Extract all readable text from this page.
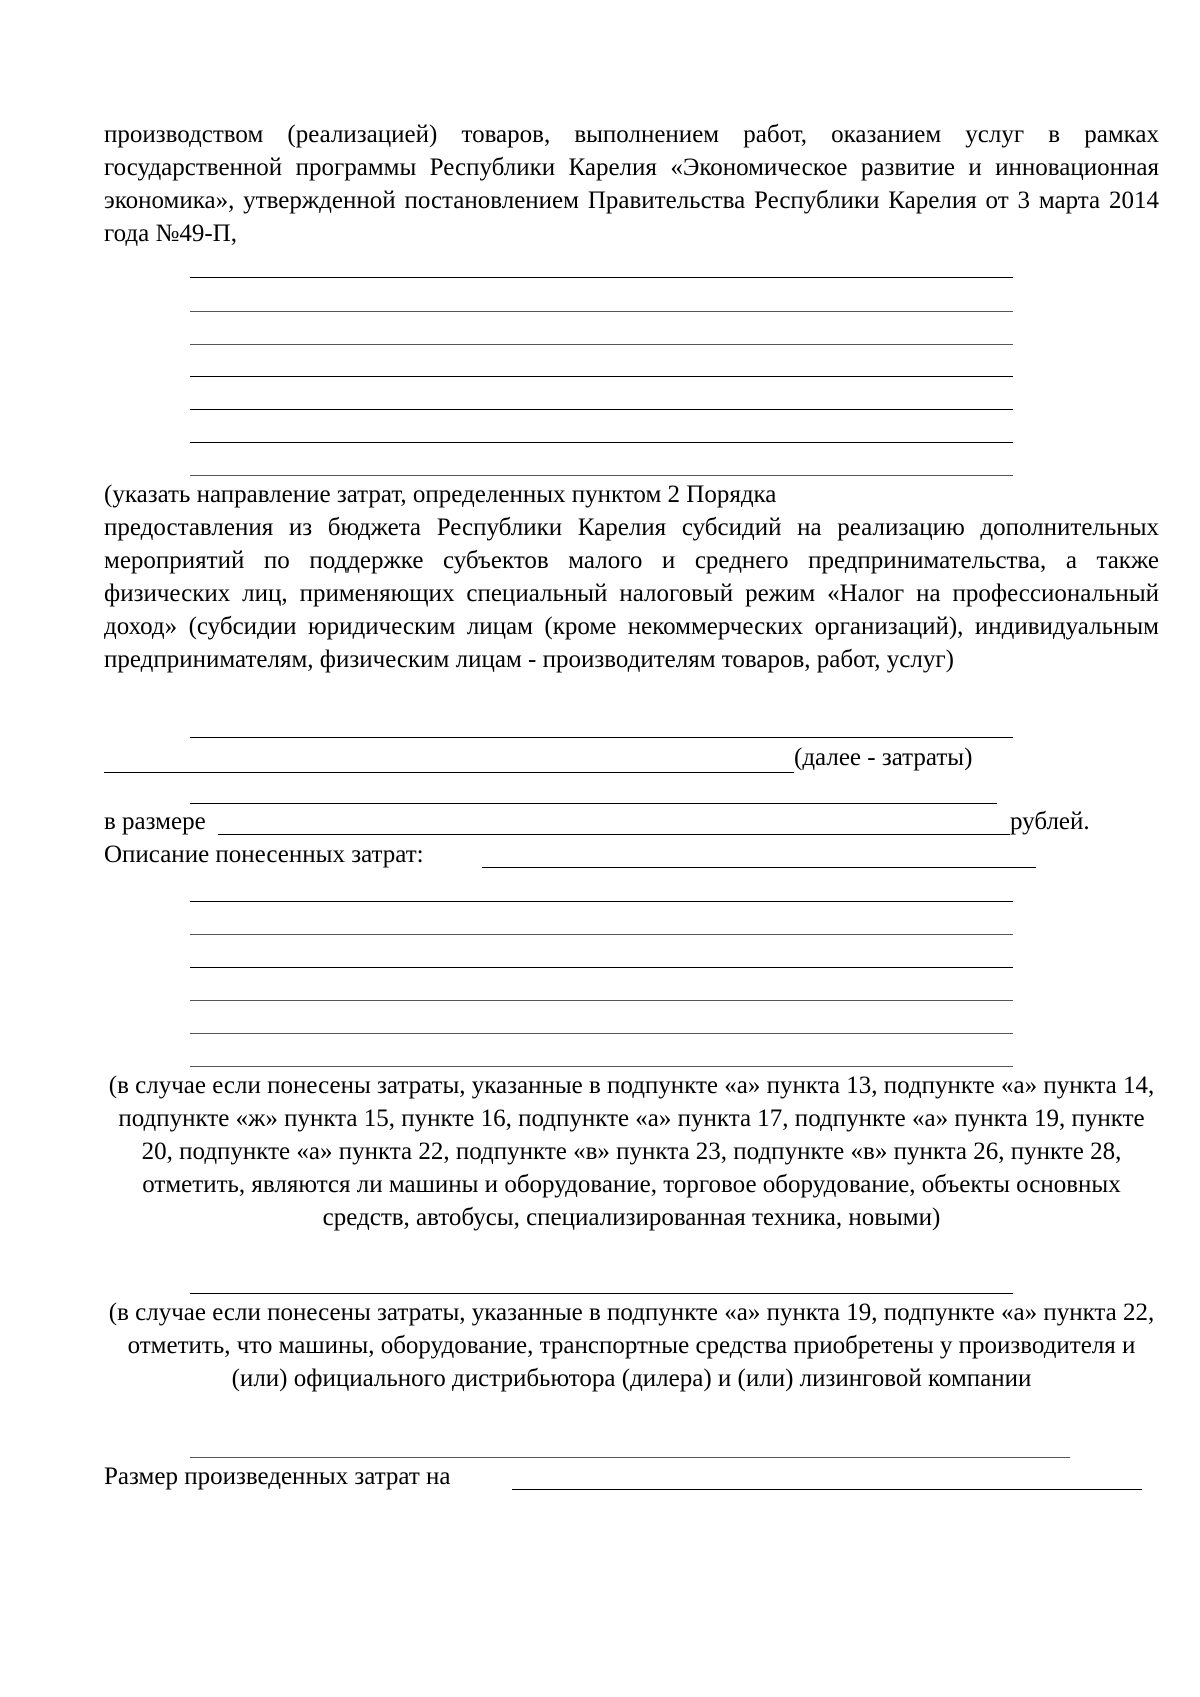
производством (реализацией) товаров, выполнением работ, оказанием услуг в рамках государственной программы Республики Карелия «Экономическое развитие и инновационная экономика», утвержденной постановлением Правительства Республики Карелия от 3 марта 2014 года №49-П,

(указать направление затрат, определенных пунктом 2 Порядка

предоставления из бюджета Республики Карелия субсидий на реализацию дополнительных мероприятий по поддержке субъектов малого и среднего предпринимательства, а также физических лиц, применяющих специальный налоговый режим «Налог на профессиональный доход» (субсидии юридическим лицам (кроме некоммерческих организаций), индивидуальным предпринимателям, физическим лицам - производителям товаров, работ, услуг)

(далее - затраты)

в размере	рублей.

Описание понесенных затрат:

(в случае если понесены затраты, указанные в подпункте «а» пункта 13, подпункте «а» пункта 14, подпункте «ж» пункта 15, пункте 16, подпункте «а» пункта 17, подпункте «а» пункта 19, пункте 20, подпункте «а» пункта 22, подпункте «в» пункта 23, подпункте «в» пункта 26, пункте 28, отметить, являются ли машины и оборудование, торговое оборудование, объекты основных средств, автобусы, специализированная техника, новыми)

(в случае если понесены затраты, указанные в подпункте «а» пункта 19, подпункте «а» пункта 22, отметить, что машины, оборудование, транспортные средства приобретены у производителя и (или) официального дистрибьютора (дилера) и (или) лизинговой компании

Размер произведенных затрат на
